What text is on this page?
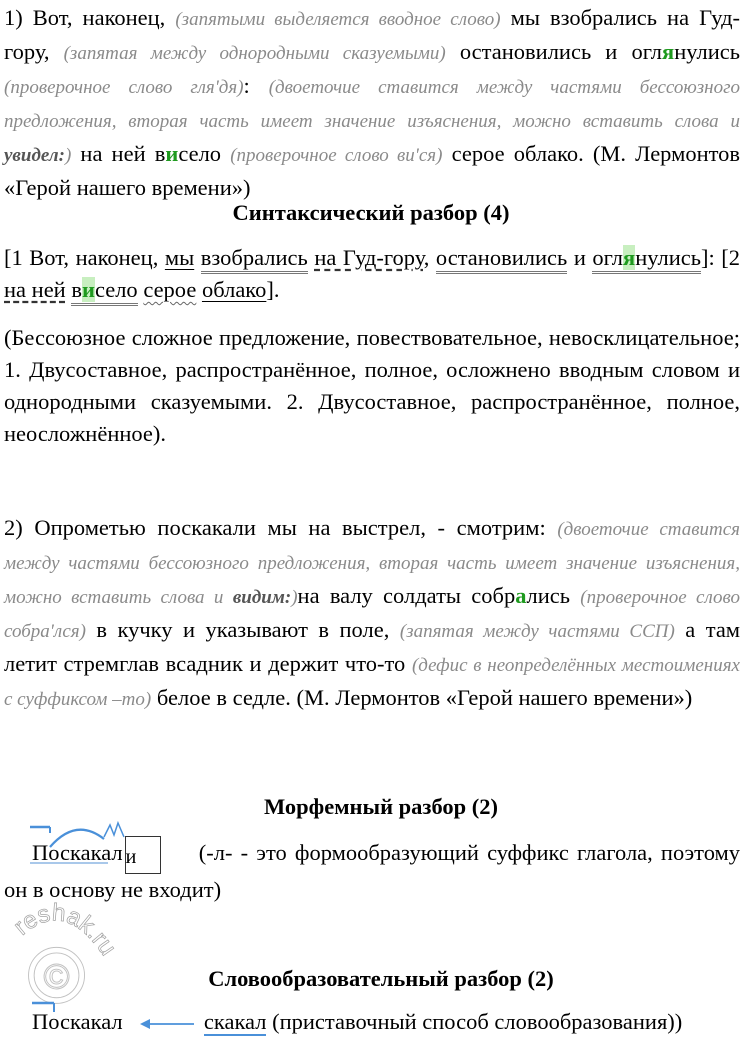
1) Вот, наконец, (запятыми выделяется вводное слово) мы взобрались на Гуд-гору, (запятая между однородными сказуемыми) остановились и оглянулись (проверочное слово гля'дя): (двоеточие ставится между частями бессоюзного предложения, вторая часть имеет значение изъяснения, можно вставить слова и увидел:) на ней висело (проверочное слово ви'ся) серое облако. (М. Лермонтов «Герой нашего времени»)
Синтаксический разбор (4)
[1 Вот, наконец, мы взобрались на Гуд-гору, остановились и оглянулись]: [2 на ней висело серое облако].
(Бессоюзное сложное предложение, повествовательное, невосклицательное; 1. Двусоставное, распространённое, полное, осложнено вводным словом и однородными сказуемыми. 2. Двусоставное, распространённое, полное, неосложнённое).
2) Опрометью поскакали мы на выстрел, - смотрим: (двоеточие ставится между частями бессоюзного предложения, вторая часть имеет значение изъяснения, можно вставить слова и видим:)на валу солдаты собрались (проверочное слово собра'лся) в кучку и указывают в поле, (запятая между частями ССП) а там летит стремглав всадник и держит что-то (дефис в неопределённых местоимениях с суффиксом –то) белое в седле. (М. Лермонтов «Герой нашего времени»)
Морфемный разбор (2)
Поскакал и	(-л- - это формообразующий суффикс глагола, поэтому он в основу не входит)
reshak.ru
©	Словообразовательный разбор (2)
Поскакал	скакал (приставочный способ словообразования))
